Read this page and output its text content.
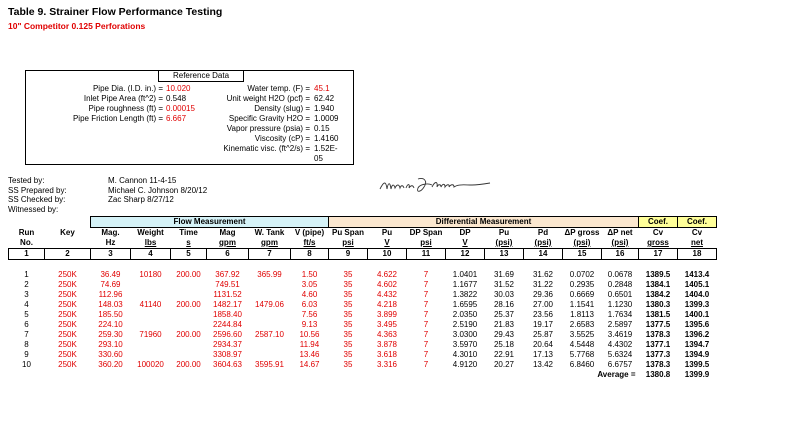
Table 9. Strainer Flow Performance Testing
10" Competitor 0.125 Perforations
Reference Data
Pipe Dia. (I.D. in.) = 10.020
Inlet Pipe Area (ft^2) = 0.548
Pipe roughness (ft) = 0.00015
Pipe Friction Length (ft) = 6.667
Water temp. (F) = 45.1
Unit weight H2O (pcf) = 62.42
Density (slug) = 1.940
Specific Gravity H2O = 1.0009
Vapor pressure (psia) = 0.15
Viscosity (cP) = 1.4160
Kinematic visc. (ft^2/s) = 1.52E-05
Tested by:	M. Cannon 11-4-15
SS Prepared by:	Michael C. Johnson 8/20/12
SS Checked by:	Zac Sharp 8/27/12
Witnessed by:
		Flow Measurement						Differential Measurement								Coef.	Coef.
Run	Key	Mag.	Weight	Time	Mag	W. Tank	V (pipe)	Pu Span	Pu	DP Span	DP	Pu	Pd	ΔP gross	ΔP net	Cv	Cv
No.		Hz	lbs	s	gpm	gpm	ft/s	psi	V	psi	V	(psi)	(psi)	(psi)	(psi)	gross	net
1	2	3	4	5	6	7	8	9	10	11	12	13	14	15	16	17	18

1	250K	36.49	10180	200.00	367.92	365.99	1.50	35	4.622	7	1.0401	31.69	31.62	0.0702	0.0678	1389.5	1413.4
2	250K	74.69			749.51		3.05	35	4.602	7	1.1677	31.52	31.22	0.2935	0.2848	1384.1	1405.1
3	250K	112.96			1131.52		4.60	35	4.432	7	1.3822	30.03	29.36	0.6669	0.6501	1384.2	1404.0
4	250K	148.03	41140	200.00	1482.17	1479.06	6.03	35	4.218	7	1.6595	28.16	27.00	1.1541	1.1230	1380.3	1399.3
5	250K	185.50			1858.40		7.56	35	3.899	7	2.0350	25.37	23.56	1.8113	1.7634	1381.5	1400.1
6	250K	224.10			2244.84		9.13	35	3.495	7	2.5190	21.83	19.17	2.6583	2.5897	1377.5	1395.6
7	250K	259.30	71960	200.00	2596.60	2587.10	10.56	35	4.363	7	3.0300	29.43	25.87	3.5525	3.4619	1378.3	1396.2
8	250K	293.10			2934.37		11.94	35	3.878	7	3.5970	25.18	20.64	4.5448	4.4302	1377.1	1394.7
9	250K	330.60			3308.97		13.46	35	3.618	7	4.3010	22.91	17.13	5.7768	5.6324	1377.3	1394.9
10	250K	360.20	100020	200.00	3604.63	3595.91	14.67	35	3.316	7	4.9120	20.27	13.42	6.8460	6.6757	1378.3	1399.5
														Average =		1380.8	1399.9
